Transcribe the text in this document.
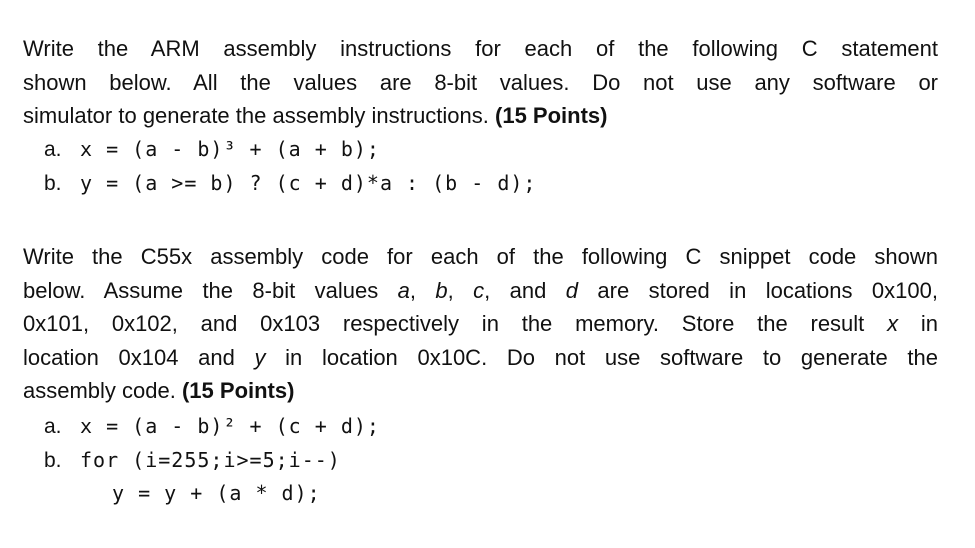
Write the ARM assembly instructions for each of the following C statement
shown below. All the values are 8-bit values. Do not use any software or
simulator to generate the assembly instructions. (15 Points)
a. x = (a - b)³ + (a + b);
b. y = (a >= b) ? (c + d)*a : (b - d);
Write the C55x assembly code for each of the following C snippet code shown
below. Assume the 8-bit values a, b, c, and d are stored in locations 0x100,
0x101, 0x102, and 0x103 respectively in the memory. Store the result x in
location 0x104 and y in location 0x10C. Do not use software to generate the
assembly code. (15 Points)
a. x = (a - b)² + (c + d);
b. for (i=255;i>=5;i--)
y = y + (a * d);
